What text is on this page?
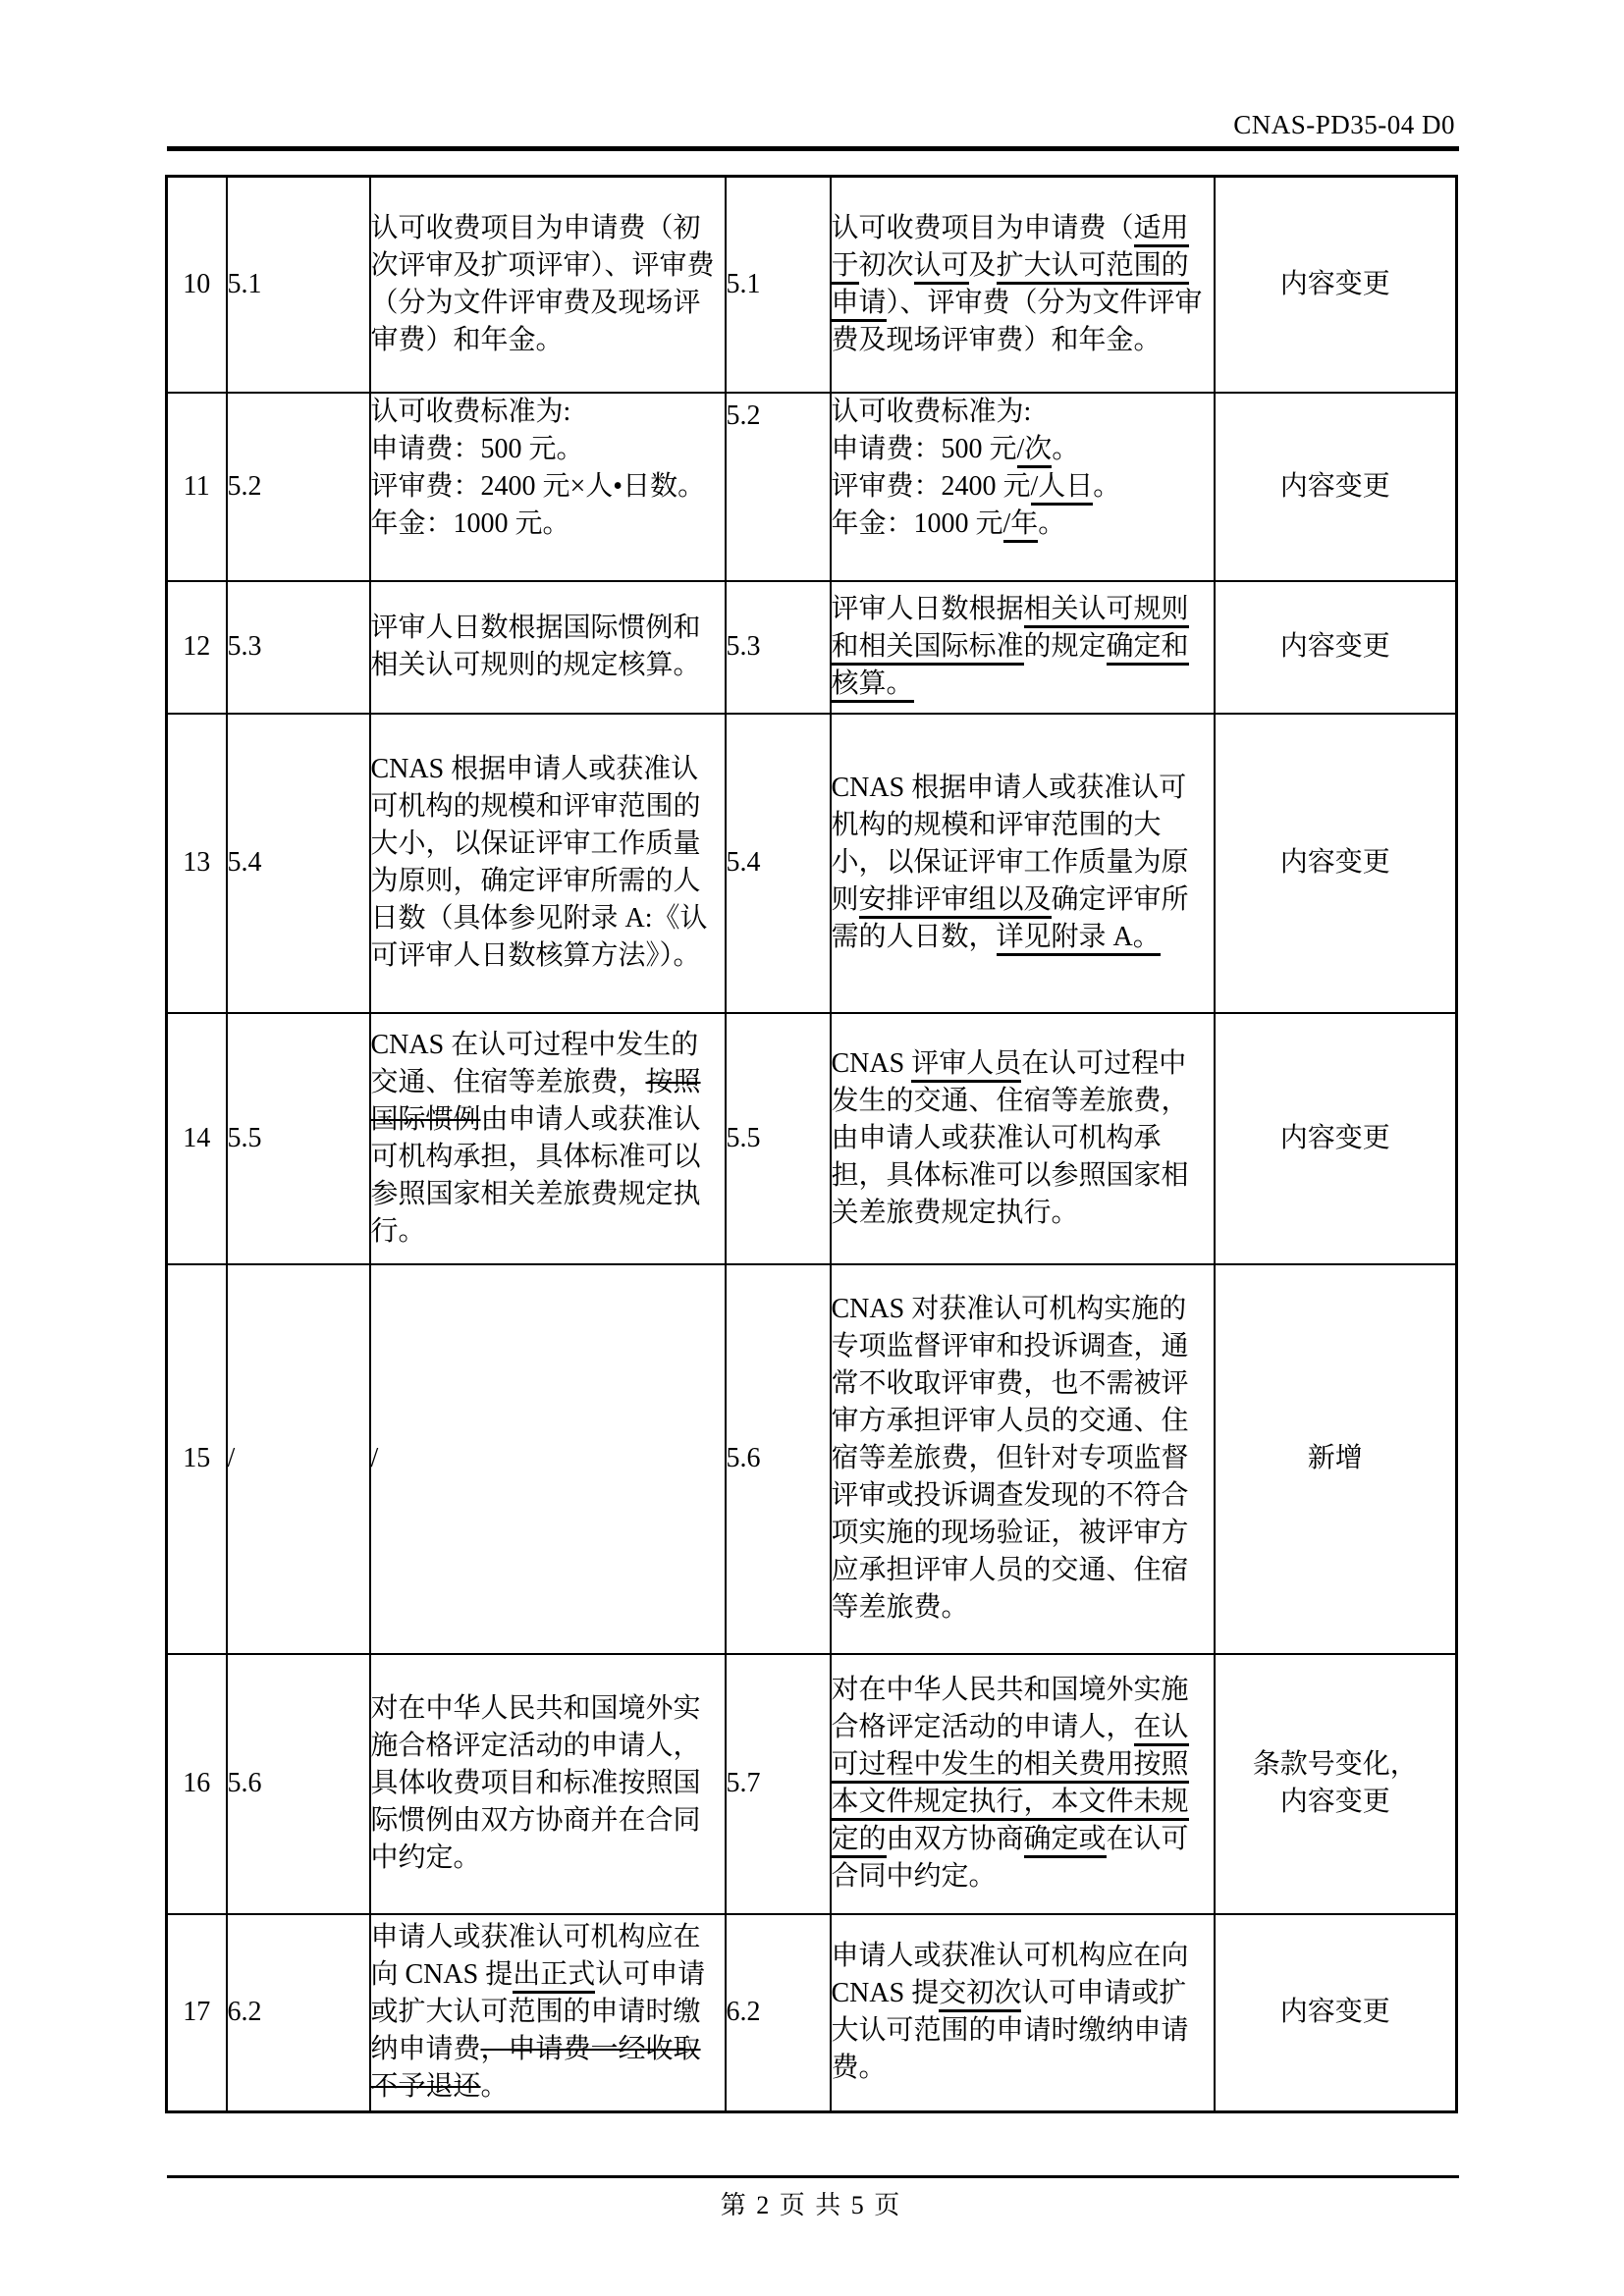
CNAS-PD35-04 D0
10	5.1	认可收费项目为申请费（初次评审及扩项评审）、评审费（分为文件评审费及现场评审费）和年金。	5.1	认可收费项目为申请费（适用于初次认可及扩大认可范围的申请）、评审费（分为文件评审费及现场评审费）和年金。	内容变更
11	5.2	认可收费标准为:
申请费：500 元。
评审费：2400 元×人•日数。
年金：1000 元。	5.2	认可收费标准为:
申请费：500 元/次。
评审费：2400 元/人日。
年金：1000 元/年。	内容变更
12	5.3	评审人日数根据国际惯例和相关认可规则的规定核算。	5.3	评审人日数根据相关认可规则和相关国际标准的规定确定和核算。	内容变更
13	5.4	CNAS 根据申请人或获准认可机构的规模和评审范围的大小，以保证评审工作质量为原则，确定评审所需的人日数（具体参见附录 A:《认可评审人日数核算方法》）。	5.4	CNAS 根据申请人或获准认可机构的规模和评审范围的大小，以保证评审工作质量为原则安排评审组以及确定评审所需的人日数，详见附录 A。	内容变更
14	5.5	CNAS 在认可过程中发生的交通、住宿等差旅费，按照国际惯例由申请人或获准认可机构承担，具体标准可以参照国家相关差旅费规定执行。	5.5	CNAS 评审人员在认可过程中发生的交通、住宿等差旅费，由申请人或获准认可机构承担，具体标准可以参照国家相关差旅费规定执行。	内容变更
15	/	/	5.6	CNAS 对获准认可机构实施的专项监督评审和投诉调查，通常不收取评审费，也不需被评审方承担评审人员的交通、住宿等差旅费，但针对专项监督评审或投诉调查发现的不符合项实施的现场验证，被评审方应承担评审人员的交通、住宿等差旅费。	新增
16	5.6	对在中华人民共和国境外实施合格评定活动的申请人，具体收费项目和标准按照国际惯例由双方协商并在合同中约定。	5.7	对在中华人民共和国境外实施合格评定活动的申请人，在认可过程中发生的相关费用按照本文件规定执行，本文件未规定的由双方协商确定或在认可合同中约定。	条款号变化，
内容变更
17	6.2	申请人或获准认可机构应在向 CNAS 提出正式认可申请或扩大认可范围的申请时缴纳申请费，申请费一经收取不予退还。	6.2	申请人或获准认可机构应在向 CNAS 提交初次认可申请或扩大认可范围的申请时缴纳申请费。	内容变更
第 2 页 共 5 页
